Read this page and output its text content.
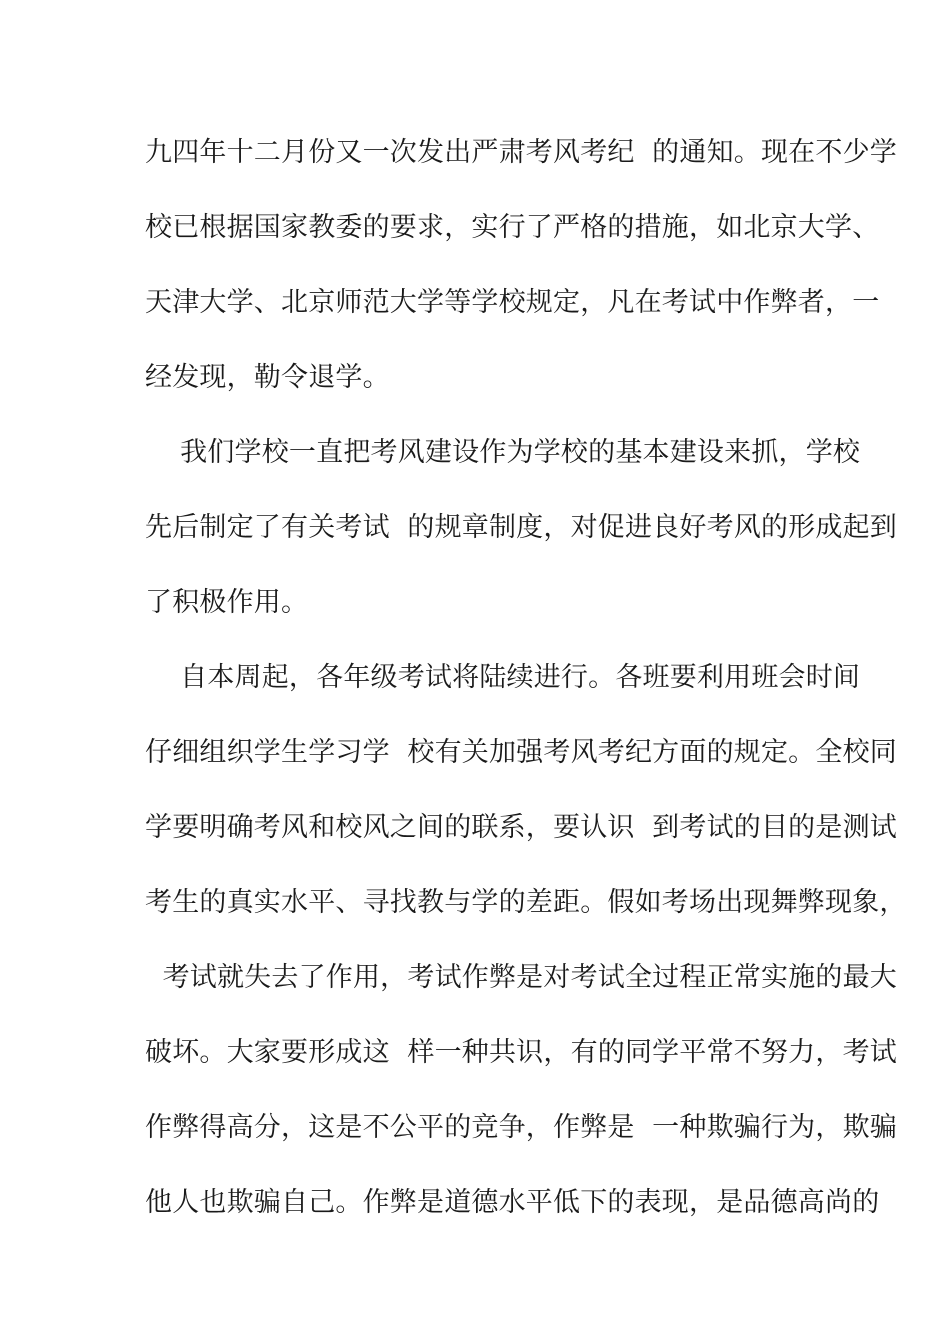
九四年十二月份又一次发出严肃考风考纪  的通知。现在不少学
校已根据国家教委的要求，实行了严格的措施，如北京大学、
天津大学、北京师范大学等学校规定，凡在考试中作弊者，一
经发现，勒令退学。
我们学校一直把考风建设作为学校的基本建设来抓，学校
先后制定了有关考试  的规章制度，对促进良好考风的形成起到
了积极作用。
自本周起，各年级考试将陆续进行。各班要利用班会时间
仔细组织学生学习学  校有关加强考风考纪方面的规定。全校同
学要明确考风和校风之间的联系，要认识  到考试的目的是测试
考生的真实水平、寻找教与学的差距。假如考场出现舞弊现象，
考试就失去了作用，考试作弊是对考试全过程正常实施的最大
破坏。大家要形成这  样一种共识，有的同学平常不努力，考试
作弊得高分，这是不公平的竞争，作弊是  一种欺骗行为，欺骗
他人也欺骗自己。作弊是道德水平低下的表现，是品德高尚的
